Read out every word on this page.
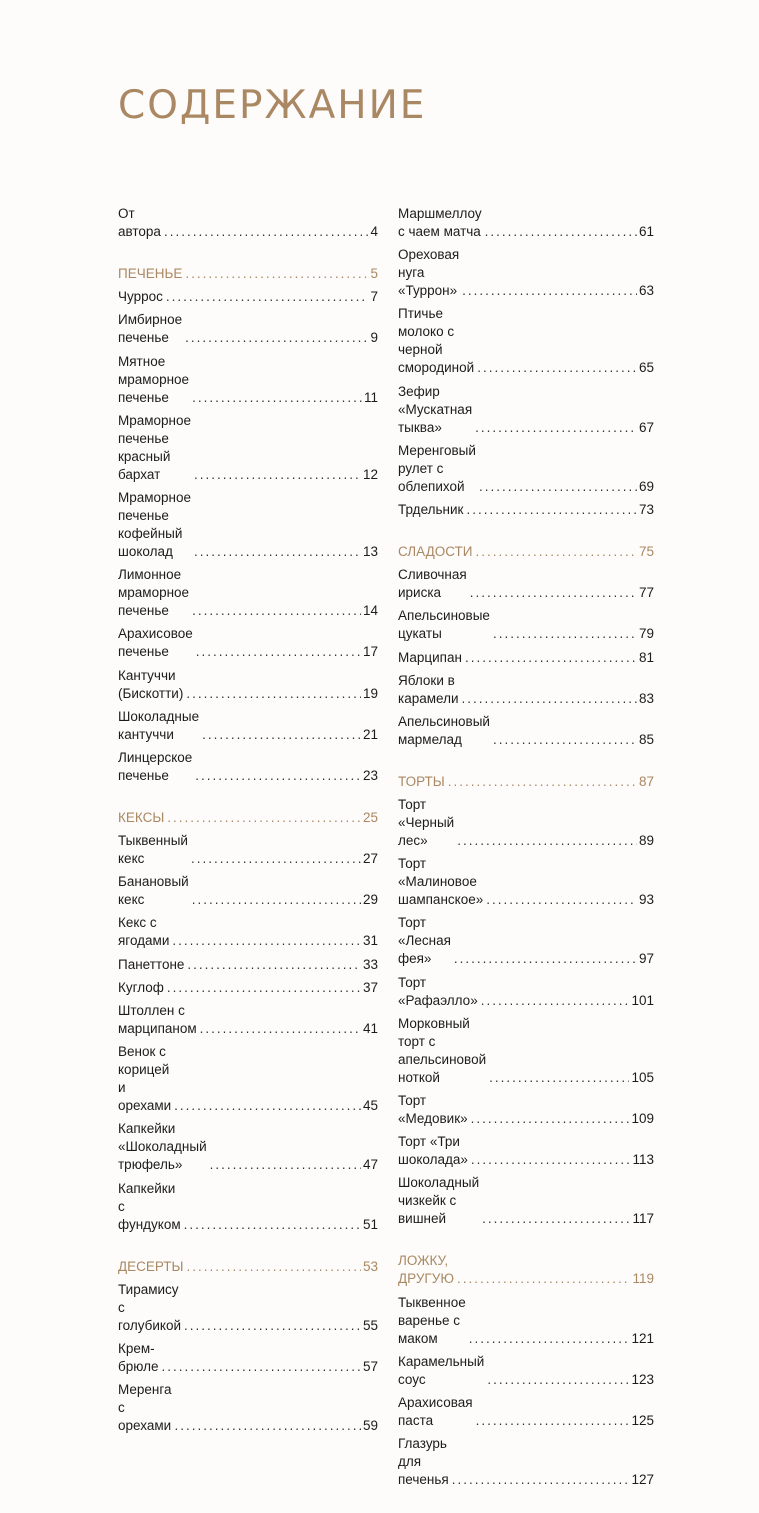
СОДЕРЖАНИЕ
От автора .....	4
ПЕЧЕНЬЕ .....	5
Чуррос .....	7
Имбирное печенье .....	9
Мятное мраморное печенье .....	11
Мраморное печенье красный бархат .....	12
Мраморное печенье кофейный шоколад .....	13
Лимонное мраморное печенье .....	14
Арахисовое печенье .....	17
Кантуччи (Бискотти) .....	19
Шоколадные кантуччи .....	21
Линцерское печенье .....	23
КЕКСЫ .....	25
Тыквенный кекс .....	27
Банановый кекс .....	29
Кекс с ягодами .....	31
Панеттоне .....	33
Куглоф .....	37
Штоллен с марципаном .....	41
Венок с корицей и орехами .....	45
Капкейки «Шоколадный трюфель» .....	47
Капкейки с фундуком .....	51
ДЕСЕРТЫ .....	53
Тирамису с голубикой .....	55
Крем-брюле .....	57
Меренга с орехами .....	59
Маршмеллоу с чаем матча .....	61
Ореховая нуга «Туррон» .....	63
Птичье молоко с черной смородиной .....	65
Зефир «Мускатная тыква» .....	67
Меренговый рулет с облепихой .....	69
Трдельник .....	73
СЛАДОСТИ .....	75
Сливочная ириска .....	77
Апельсиновые цукаты .....	79
Марципан .....	81
Яблоки в карамели .....	83
Апельсиновый мармелад .....	85
ТОРТЫ .....	87
Торт «Черный лес» .....	89
Торт «Малиновое шампанское» .....	93
Торт «Лесная фея» .....	97
Торт «Рафаэлло» .....	101
Морковный торт с апельсиновой ноткой .....	105
Торт «Медовик» .....	109
Торт «Три шоколада» .....	113
Шоколадный чизкейк с вишней .....	117
ЛОЖКУ, ДРУГУЮ .....	119
Тыквенное варенье с маком .....	121
Карамельный соус .....	123
Арахисовая паста .....	125
Глазурь для печенья .....	127
